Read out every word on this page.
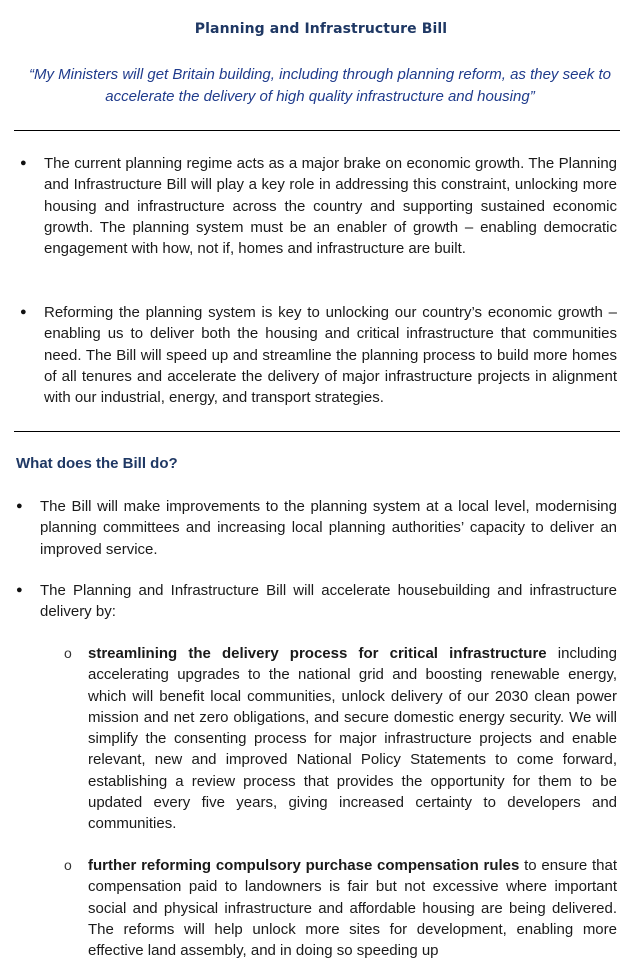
Planning and Infrastructure Bill
“My Ministers will get Britain building, including through planning reform, as they seek to accelerate the delivery of high quality infrastructure and housing”
● The current planning regime acts as a major brake on economic growth. The Planning and Infrastructure Bill will play a key role in addressing this constraint, unlocking more housing and infrastructure across the country and supporting sustained economic growth. The planning system must be an enabler of growth – enabling democratic engagement with how, not if, homes and infrastructure are built.
● Reforming the planning system is key to unlocking our country’s economic growth – enabling us to deliver both the housing and critical infrastructure that communities need. The Bill will speed up and streamline the planning process to build more homes of all tenures and accelerate the delivery of major infrastructure projects in alignment with our industrial, energy, and transport strategies.
What does the Bill do?
● The Bill will make improvements to the planning system at a local level, modernising planning committees and increasing local planning authorities’ capacity to deliver an improved service.
● The Planning and Infrastructure Bill will accelerate housebuilding and infrastructure delivery by:
o streamlining the delivery process for critical infrastructure including accelerating upgrades to the national grid and boosting renewable energy, which will benefit local communities, unlock delivery of our 2030 clean power mission and net zero obligations, and secure domestic energy security. We will simplify the consenting process for major infrastructure projects and enable relevant, new and improved National Policy Statements to come forward, establishing a review process that provides the opportunity for them to be updated every five years, giving increased certainty to developers and communities.
o further reforming compulsory purchase compensation rules to ensure that compensation paid to landowners is fair but not excessive where important social and physical infrastructure and affordable housing are being delivered. The reforms will help unlock more sites for development, enabling more effective land assembly, and in doing so speeding up
